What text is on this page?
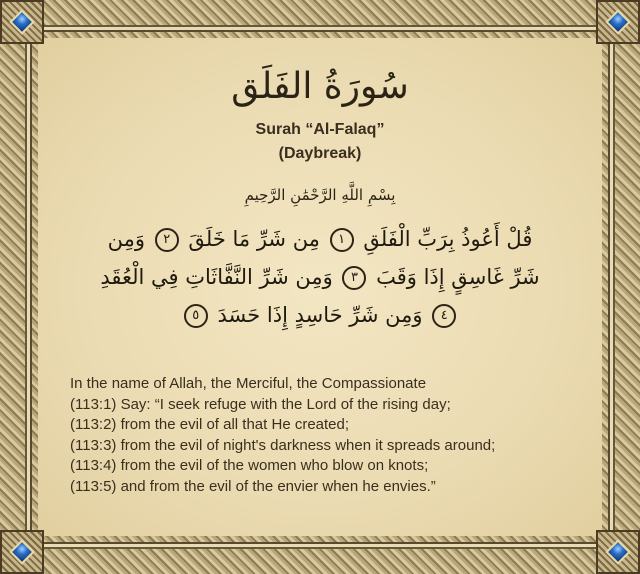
سُورَةُ الفَلَق
Surah “Al-Falaq”
(Daybreak)
بِسْمِ اللَّهِ الرَّحْمَٰنِ الرَّحِيمِ
قُلْ أَعُوذُ بِرَبِّ الْفَلَقِ ١ مِن شَرِّ مَا خَلَقَ ٢ وَمِن شَرِّ غَاسِقٍ إِذَا وَقَبَ ٣ وَمِن شَرِّ النَّفَّاثَاتِ فِي الْعُقَدِ ٤ وَمِن شَرِّ حَاسِدٍ إِذَا حَسَدَ ٥
In the name of Allah, the Merciful, the Compassionate
(113:1) Say: “I seek refuge with the Lord of the rising day;
(113:2) from the evil of all that He created;
(113:3) from the evil of night's darkness when it spreads around;
(113:4) from the evil of the women who blow on knots;
(113:5) and from the evil of the envier when he envies.”
